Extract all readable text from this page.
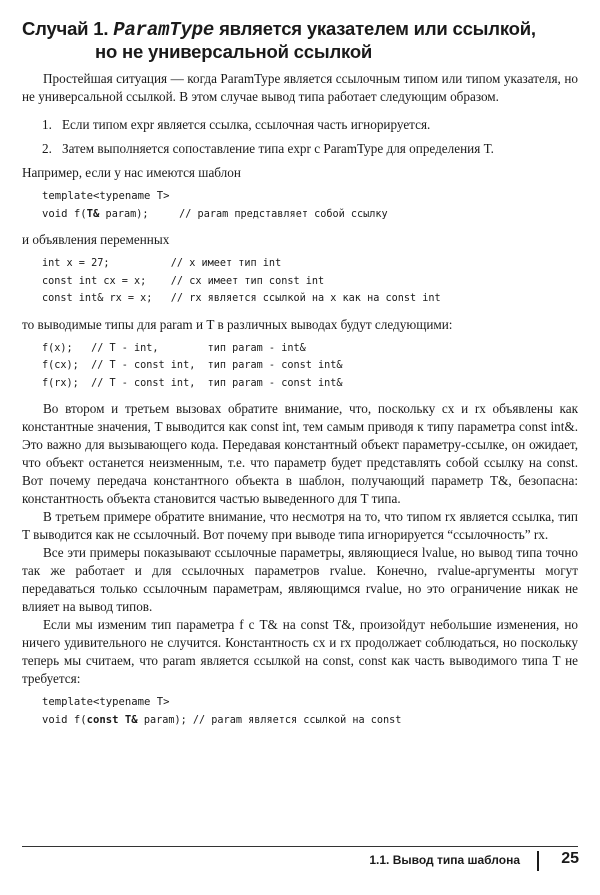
Случай 1. ParamType является указателем или ссылкой,
но не универсальной ссылкой

Простейшая ситуация — когда ParamType является ссылочным типом или типом указателя, но не универсальной ссылкой. В этом случае вывод типа работает следующим образом.

1. Если типом expr является ссылка, ссылочная часть игнорируется.
2. Затем выполняется сопоставление типа expr с ParamType для определения T.

Например, если у нас имеются шаблон

template<typename T>
void f(T& param);     // param представляет собой ссылку

и объявления переменных

int x = 27;          // x имеет тип int
const int cx = x;    // cx имеет тип const int
const int& rx = x;   // rx является ссылкой на x как на const int

то выводимые типы для param и T в различных выводах будут следующими:

f(x);   // T - int,        тип param - int&
f(cx);  // T - const int,  тип param - const int&
f(rx);  // T - const int,  тип param - const int&

Во втором и третьем вызовах обратите внимание, что, поскольку cx и rx объявлены как константные значения, T выводится как const int, тем самым приводя к типу параметра const int&. Это важно для вызывающего кода. Передавая константный объект параметру-ссылке, он ожидает, что объект останется неизменным, т.е. что параметр будет представлять собой ссылку на const. Вот почему передача константного объекта в шаблон, получающий параметр T&, безопасна: константность объекта становится частью выведенного для T типа.

В третьем примере обратите внимание, что несмотря на то, что типом rx является ссылка, тип T выводится как не ссылочный. Вот почему при выводе типа игнорируется “ссылочность” rx.

Все эти примеры показывают ссылочные параметры, являющиеся lvalue, но вывод типа точно так же работает и для ссылочных параметров rvalue. Конечно, rvalue-аргументы могут передаваться только ссылочным параметрам, являющимся rvalue, но это ограничение никак не влияет на вывод типов.

Если мы изменим тип параметра f с T& на const T&, произойдут небольшие изменения, но ничего удивительного не случится. Константность cx и rx продолжает соблюдаться, но поскольку теперь мы считаем, что param является ссылкой на const, const как часть выводимого типа T не требуется:

template<typename T>
void f(const T& param); // param является ссылкой на const
1.1. Вывод типа шаблона	25
